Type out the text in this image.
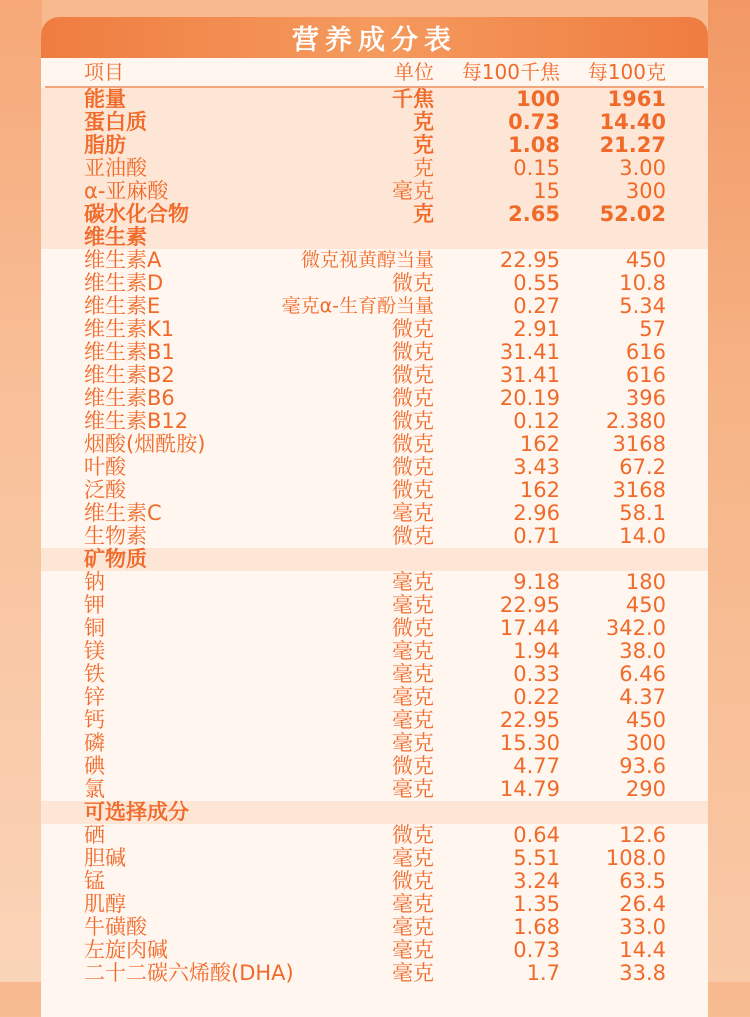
营养成分表
项目	单位 每100千焦 每100克
能量	千焦	100 1961
蛋白质	克	0.73 14.40
脂肪	克	1.08 21.27
亚油酸	克	0.15	3.00
α-亚麻酸	毫克	15	300
碳水化合物	克	2.65 52.02
维生素
维生素A	微克视黄醇当量	22.95	450
维生素D	微克	0.55	10.8
维生素E	毫克α-生育酚当量	0.27	5.34
维生素K1	微克	2.91	57
维生素B1	微克	31.41	616
维生素B2	微克	31.41	616
维生素B6	微克	20.19	396
维生素B12	微克	0.12 2.380
烟酸(烟酰胺)	微克	162	3168
叶酸	微克	3.43	67.2
泛酸	微克	162	3168
维生素C	毫克	2.96	58.1
生物素	微克	0.71	14.0
矿物质
钠	毫克	9.18	180
钾	毫克	22.95	450
铜	微克	17.44 342.0
镁	毫克	1.94	38.0
铁	毫克	0.33	6.46
锌	毫克	0.22	4.37
钙	毫克	22.95	450
磷	毫克	15.30	300
碘	微克	4.77	93.6
氯	毫克	14.79	290
可选择成分
硒	微克	0.64	12.6
胆碱	毫克	5.51 108.0
锰	微克	3.24	63.5
肌醇	毫克	1.35	26.4
牛磺酸	毫克	1.68	33.0
左旋肉碱	毫克	0.73	14.4
二十二碳六烯酸(DHA)	毫克	1.7	33.8
